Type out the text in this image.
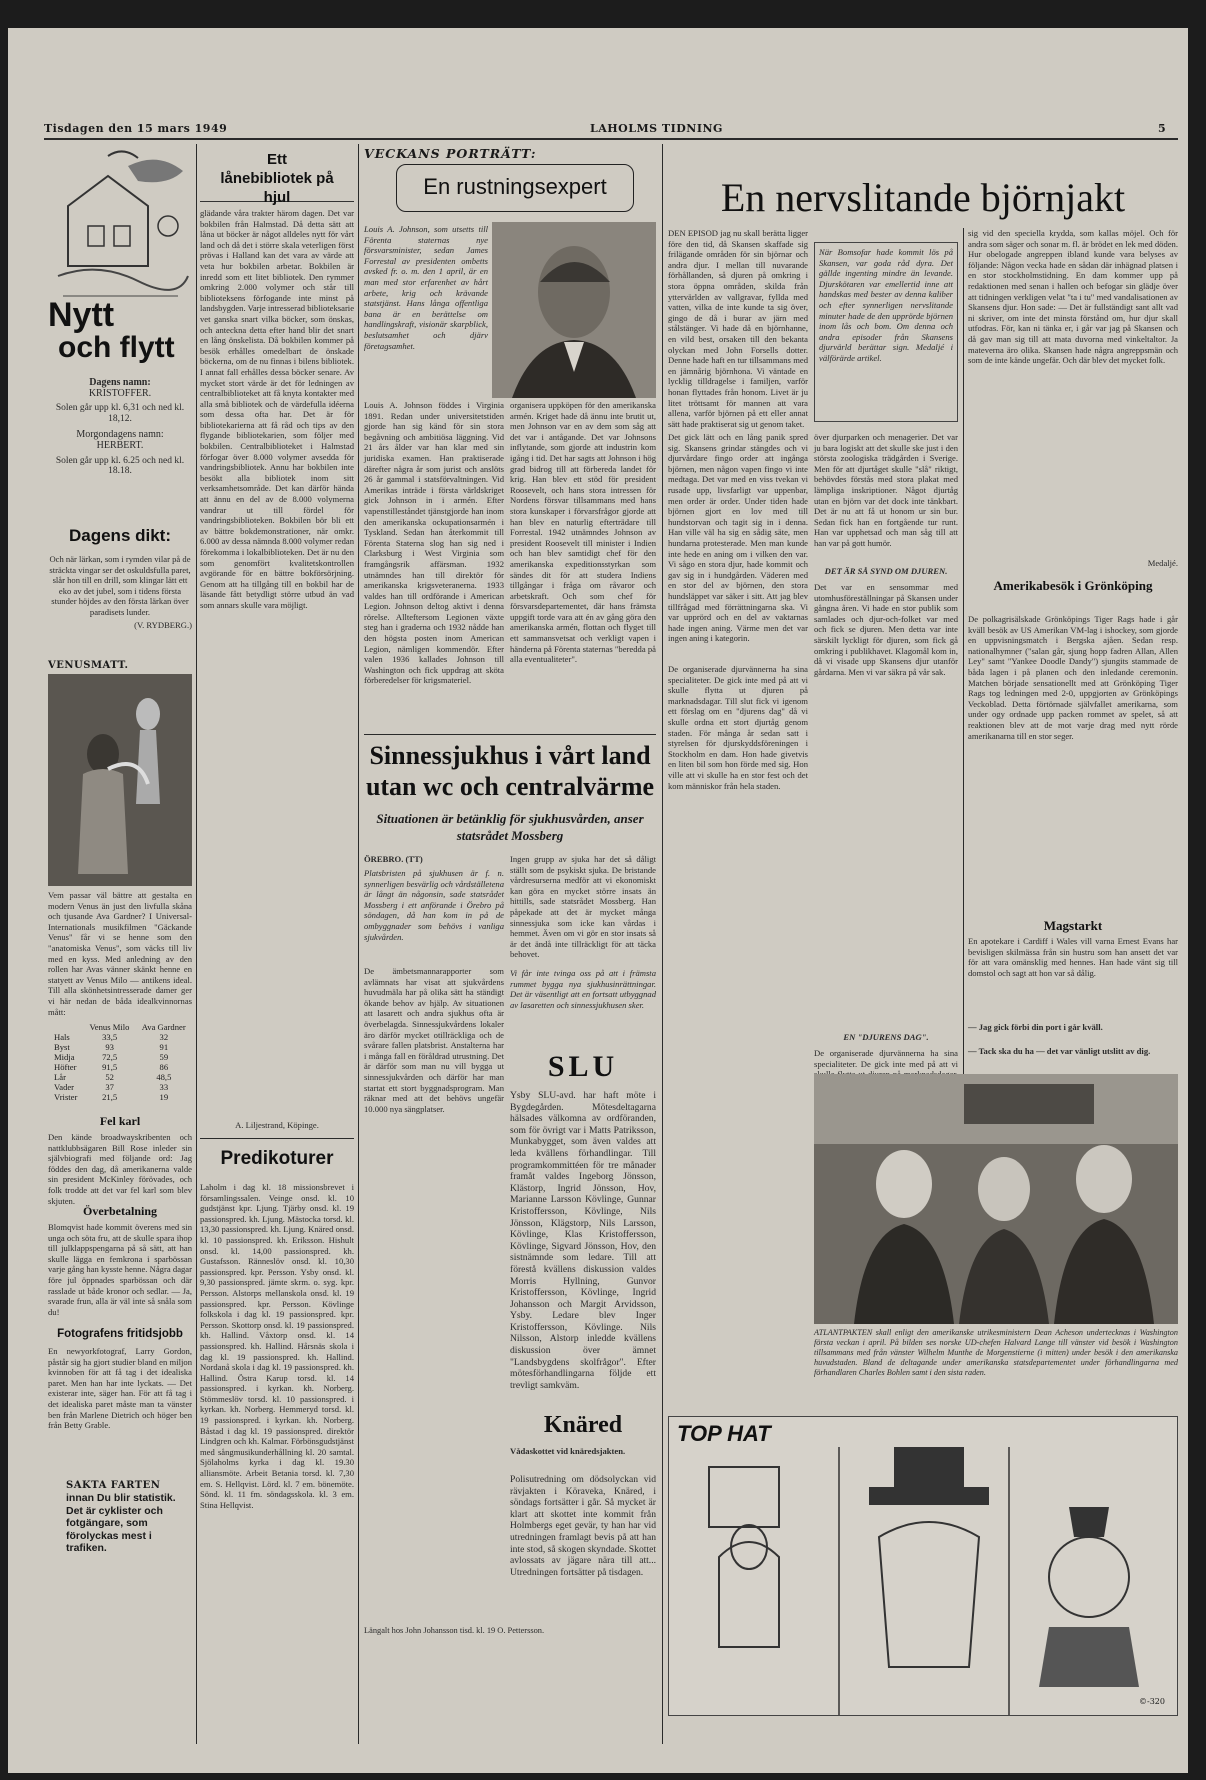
Tisdagen den 15 mars 1949	LAHOLMS TIDNING	5
Nytt
och flytt
Dagens namn:
KRISTOFFER.
Solen går upp kl. 6,31 och ned kl. 18,12.
Morgondagens namn:
HERBERT.
Solen går upp kl. 6.25 och ned kl. 18.18.
Dagens dikt:
Och när lärkan, som i rymden vilar på de sträckta vingar ser det oskuldsfulla paret, slår hon till en drill, som klingar lätt ett eko av det jubel, som i tidens första stunder höjdes av den första lärkan över paradisets lunder.
(V. RYDBERG.)
VENUSMATT.
Vem passar väl bättre att gestalta en modern Venus än just den livfulla skåna och tjusande Ava Gardner? I Universal-Internationals musikfilmen "Gäckande Venus" får vi se henne som den "anatomiska Venus", som väcks till liv med en kyss. Med anledning av den rollen har Avas vänner skänkt henne en statyett av Venus Milo — antikens ideal. Till alla skönhetsintresserade damer ger vi här nedan de båda idealkvinnornas mått:
	Venus Milo	Ava Gardner
Hals	33,5	32
Byst	93	91
Midja	72,5	59
Höfter	91,5	86
Lår	52	48,5
Vader	37	33
Vrister	21,5	19
Fel karl
Den kände broadwayskribenten och nattklubbsägaren Bill Rose inleder sin självbiografi med följande ord: Jag föddes den dag, då amerikanerna valde sin president McKinley förövades, och folk trodde att det var fel karl som blev skjuten.
Överbetalning
Blomqvist hade kommit överens med sin unga och söta fru, att de skulle spara ihop till julklappspengarna på så sätt, att han skulle lägga en femkrona i sparbössan varje gång han kysste henne. Några dagar före jul öppnades sparbössan och där rasslade ut både kronor och sedlar. — Ja, svarade frun, alla är väl inte så snåla som du!
Fotografens fritidsjobb
En newyorkfotograf, Larry Gordon, påstår sig ha gjort studier bland en miljon kvinnoben för att få tag i det idealiska paret. Men han har inte lyckats. — Det existerar inte, säger han. För att få tag i det idealiska paret måste man ta vänster ben från Marlene Dietrich och höger ben från Betty Grable.
SAKTA FARTEN
innan Du blir statistik. Det är cyklister och fotgängare, som förolyckas mest i trafiken.
Ett lånebibliotek på hjul
glädande våra trakter härom dagen. Det var bokbilen från Halmstad. Då detta sätt att låna ut böcker är något alldeles nytt för vårt land och då det i större skala veterligen först prövas i Halland kan det vara av värde att veta hur bokbilen arbetar. Bokbilen är inredd som ett litet bibliotek. Den rymmer omkring 2.000 volymer och står till biblioteksens förfogande inte minst på landsbygden. Varje intresserad biblioteksarie vet ganska snart vilka böcker, som önskas, och anteckna detta efter hand blir det snart en lång önskelista. Då bokbilen kommer på besök erhålles omedelbart de önskade böckerna, om de nu finnas i bilens bibliotek. I annat fall erhålles dessa böcker senare. Av mycket stort värde är det för ledningen av centralbiblioteket att få knyta kontakter med alla små bibliotek och de värdefulla idéerna som dessa ofta har. Det är för bibliotekarierna att få råd och tips av den flygande bibliotekarien, som följer med bokbilen. Centralbiblioteket i Halmstad förfogar över 8.000 volymer avsedda för vandringsbibliotek. Annu har bokbilen inte besökt alla bibliotek inom sitt verksamhetsområde. Det kan därför hända att ännu en del av de 8.000 volymerna vandrar ut till fördel för vandringsbiblioteken. Bokbilen bör bli ett av bättre bokdemonstrationer, när omkr. 6.000 av dessa nämnda 8.000 volymer redan förekomma i lokalbiblioteken. Det är nu den som genomfört kvalitetskontrollen avgörande för en bättre bokförsörjning. Genom att ha tillgång till en bokbil har de läsande fått betydligt större utbud än vad som annars skulle vara möjligt.
A. Liljestrand, Köpinge.
Predikoturer
Laholm i dag kl. 18 missionsbrevet i församlingssalen. Veinge onsd. kl. 10 gudstjänst kpr. Ljung. Tjärby onsd. kl. 19 passionspred. kh. Ljung. Mästocka torsd. kl. 13,30 passionspred. kh. Ljung. Knäred onsd. kl. 10 passionspred. kh. Eriksson. Hishult onsd. kl. 14,00 passionspred. kh. Gustafsson. Ränneslöv onsd. kl. 10,30 passionspred. kpr. Persson. Ysby onsd. kl. 9,30 passionspred. jämte skrm. o. syg. kpr. Persson. Alstorps mellanskola onsd. kl. 19 passionspred. kpr. Persson. Kövlinge folkskola i dag kl. 19 passionspred. kpr. Persson. Skottorp onsd. kl. 19 passionspred. kh. Hallind. Våxtorp onsd. kl. 14 passionspred. kh. Hallind. Hårsnäs skola i dag kl. 19 passionspred. kh. Hallind. Nordanå skola i dag kl. 19 passionspred. kh. Hallind. Östra Karup torsd. kl. 14 passionspred. i kyrkan. kh. Norberg. Stömmeslöv torsd. kl. 10 passionspred. i kyrkan. kh. Norberg. Hemmeryd torsd. kl. 19 passionspred. i kyrkan. kh. Norberg. Båstad i dag kl. 19 passionspred. direktör Lindgren och kh. Kalmar. Förbönsgudstjänst med sångmusikunderhållning kl. 20 samtal. Sjölaholms kyrka i dag kl. 19.30 alliansmöte. Arbeit Betania torsd. kl. 7,30 em. S. Hellqvist. Lörd. kl. 7 em. bönemöte. Sönd. kl. 11 fm. söndagsskola. kl. 3 em. Stina Hellqvist.
VECKANS PORTRÄTT:
En rustningsexpert
Louis A. Johnson, som utsetts till Förenta staternas nye försvarsminister, sedan James Forrestal av presidenten ombetts avsked fr. o. m. den 1 april, är en man med stor erfarenhet av hårt arbete, krig och krävande statstjänst. Hans långa offentliga bana är en berättelse om handlingskraft, visionär skarpblick, beslutsamhet och djärv företagsamhet.
Louis A. Johnson föddes i Virginia 1891. Redan under universitetstiden gjorde han sig känd för sin stora begåvning och ambitiösa läggning. Vid 21 års ålder var han klar med sin juridiska examen. Han praktiserade därefter några år som jurist och anslöts 26 år gammal i statsförvaltningen. Vid Amerikas inträde i första världskriget gick Johnson in i armén. Efter vapenstilleståndet tjänstgjorde han inom den amerikanska ockupationsarmén i Tyskland. Sedan han återkommit till Förenta Staterna slog han sig ned i Clarksburg i West Virginia som framgångsrik affärsman. 1932 utnämndes han till direktör för amerikanska krigsveteranerna. 1933 valdes han till ordförande i American Legion. Johnson deltog aktivt i denna rörelse. Allteftersom Legionen växte steg han i graderna och 1932 nådde han den högsta posten inom American Legion, nämligen kommendör. Efter valen 1936 kallades Johnson till Washington och fick uppdrag att sköta förberedelser för krigsmateriel.
organisera uppköpen för den amerikanska armén. Kriget hade då ännu inte brutit ut, men Johnson var en av dem som såg att det var i antågande. Det var Johnsons inflytande, som gjorde att industrin kom igång i tid. Det har sagts att Johnson i hög grad bidrog till att förbereda landet för krig. Han blev ett stöd för president Roosevelt, och hans stora intressen för Nordens försvar tillsammans med hans stora kunskaper i förvarsfrågor gjorde att han blev en naturlig efterträdare till Forrestal. 1942 utnämndes Johnson av president Roosevelt till minister i Indien och han blev samtidigt chef för den amerikanska expeditionsstyrkan som sändes dit för att studera Indiens tillgångar i fråga om råvaror och arbetskraft. Och som chef för försvarsdepartementet, där hans främsta uppgift torde vara att én av gång göra den amerikanska armén, flottan och flyget till ett sammansvetsat och verkligt vapen i händerna på Förenta staternas "beredda på alla eventualiteter".
Sinnessjukhus i vårt land utan wc och centralvärme
Situationen är betänklig för sjukhusvården, anser statsrådet Mossberg
ÖREBRO. (TT)
Platsbristen på sjukhusen är f. n. synnerligen besvärlig och vårdställetena är långt än någonsin, sade statsrådet Mossberg i ett anförande i Örebro på söndagen, då han kom in på de ombyggnader som behövs i vanliga sjukvården.
De ämbetsmannarapporter som avlämnats har visat att sjukvårdens huvudmäla har på olika sätt ha ständigt ökande behov av hjälp. Av situationen att lasarett och andra sjukhus ofta är överbelagda. Sinnessjukvårdens lokaler äro därför mycket otillräckliga och de svårare fallen platsbrist. Anstalterna har i många fall en föråldrad utrustning. Det är därför som man nu vill bygga ut sinnessjukvården och därför har man startat ett stort byggnadsprogram. Man räknar med att det behövs ungefär 10.000 nya sängplatser.
Ingen grupp av sjuka har det så dåligt ställt som de psykiskt sjuka. De bristande vårdresurserna medför att vi ekonomiskt kan göra en mycket större insats än hittills, sade statsrådet Mossberg. Han påpekade att det är mycket många sinnessjuka som icke kan vårdas i hemmet. Även om vi gör en stor insats så är det ändå inte tillräckligt för att täcka behovet.
Vi får inte tvinga oss på att i främsta rummet bygga nya sjukhusinrättningar. Det är väsentligt att en fortsatt utbyggnad av lasaretten och sinnessjukhusen sker.
SLU
Ysby SLU-avd. har haft möte i Bygdegården. Mötesdeltagarna hälsades välkomna av ordföranden, som för övrigt var i Matts Patriksson, Munkabygget, som även valdes att leda kvällens förhandlingar. Till programkommittéen för tre månader framåt valdes Ingeborg Jönsson, Klästorp, Ingrid Jönsson, Hov, Marianne Larsson Kövlinge, Gunnar Kristoffersson, Kövlinge, Nils Jönsson, Klägstorp, Nils Larsson, Kövlinge, Klas Kristoffersson, Kövlinge, Sigvard Jönsson, Hov, den sistnämnde som ledare. Till att förestå kvällens diskussion valdes Morris Hyllning, Gunvor Kristoffersson, Kövlinge, Ingrid Johansson och Margit Arvidsson, Ysby. Ledare blev Inger Kristoffersson, Kövlinge. Nils Nilsson, Alstorp inledde kvällens diskussion över ämnet "Landsbygdens skolfrågor". Efter mötesförhandlingarna följde ett trevligt samkväm.
Knäred
Vådaskottet vid knäredsjakten.
Polisutredning om dödsolyckan vid rävjakten i Köraveka, Knäred, i söndags fortsätter i går. Så mycket är klart att skottet inte kommit från Holmbergs eget gevär, ty han har vid utredningen framlagt bevis på att han inte stod, så skogen skyndade. Skottet avlossats av jägare nära till att... Utredningen fortsätter på tisdagen.
Längalt hos John Johansson tisd. kl. 19 O. Pettersson.
En nervslitande björnjakt
DEN EPISOD jag nu skall berätta ligger före den tid, då Skansen skaffade sig frilägande områden för sin björnar och andra djur. I mellan till nuvarande förhållanden, så djuren på omkring i stora öppna områden, skilda från yttervärlden av vallgravar, fyllda med vatten, vilka de inte kunde ta sig över, gingo de då i burar av järn med stålstänger. Vi hade då en björnhanne, en vild best, orsaken till den bekanta olyckan med John Forsells dotter. Denne hade haft en tur tillsammans med en jämnårig björnhona. Vi väntade en lycklig tilldragelse i familjen, varför honan flyttades från honom. Livet är ju litet tröttsamt för mannen att vara allena, varför björnen på ett eller annat sätt hade praktiserat sig ut genom taket.
När Bomsofar hade kommit lös på Skansen, var goda råd dyra. Det gällde ingenting mindre än levande. Djurskötaren var emellertid inne att handskas med bester av denna kaliber och efter synnerligen nervslitande minuter hade de den upprörde björnen inom lås och bom. Om denna och andra episoder från Skansens djurvärld berättar sign. Medaljé i välförärde artikel.
Det gick lätt och en lång panik spred sig. Skansens grindar stängdes och vi djurvårdare fingo order att ingånga björnen, men någon vapen fingo vi inte medtaga. Det var med en viss tvekan vi rusade upp, livsfarligt var uppenbar, men order är order. Under tiden hade björnen gjort en lov med till hundstorvan och tagit sig in i denna. Han ville väl ha sig en sådig säte, men hundarna protesterade. Men man kunde inte hede en aning om i vilken den var. Vi sågo en stora djur, hade kommit och gav sig in i hundgården. Väderen med en stor del av björnen, den stora hundsläppet var säker i sitt. Att jag blev tillfrågad med förrättningarna ska. Vi var upprörd och en del av vaktarnas hade ingen aning. Värme men det var ingen aning i kategorin.
över djurparken och menagerier. Det var ju bara logiskt att det skulle ske just i den största zoologiska trädgården i Sverige. Men för att djurtåget skulle "slå" riktigt, behövdes förstås med stora plakat med lämpliga inskriptioner. Något djurtåg utan en björn var det dock inte tänkbart. Det är nu att få ut honom ur sin bur. Sedan fick han en fortgående tur runt. Han var upphetsad och man såg till att han var på gott humör.
DET ÄR SÅ SYND OM DJUREN.
Det var en sensommar med utomhusföreställningar på Skansen under gångna åren. Vi hade en stor publik som samlades och djur-och-folket var med och fick se djuren. Men detta var inte särskilt lyckligt för djuren, som fick gå omkring i publikhavet. Klagomål kom in, då vi visade upp Skansens djur utanför gårdarna. Men vi var säkra på vår sak.
De organiserade djurvännerna ha sina specialiteter. De gick inte med på att vi skulle flytta ut djuren på marknadsdagar. Till slut fick vi igenom ett förslag om en "djurens dag" då vi skulle ordna ett stort djurtåg genom staden. För många år sedan satt i styrelsen för djurskyddsföreningen i Stockholm en dam. Hon hade givetvis en liten bil som hon förde med sig. Hon ville att vi skulle ha en stor fest och det kom människor från hela staden.
EN "DJURENS DAG".
De organiserade djurvännerna ha sina specialiteter. De gick inte med på att vi
sig vid den speciella krydda, som kallas möjel. Och för andra som säger och sonar m. fl. är brödet en lek med döden. Hur obelogade angreppen ibland kunde vara belyses av följande: Någon vecka hade en sådan där inhägnad platsen i en stor stockholmstidning. En dam kommer upp på redaktionen med senan i hallen och befogar sin glädje över att tidningen verkligen velat "ta i tu" med vandalisationen av Skansens djur. Hon sade: — Det är fullständigt sant allt vad ni skriver, om inte det minsta förstånd om, hur djur skall utfodras. För, kan ni tänka er, i går var jag på Skansen och då gav man sig till att mata duvorna med vinkeltaltor. Ja mateverna äro olika. Skansen hade några angreppsmän och som de inte kände ungefär. Och där blev det mycket folk.
Medaljé.
Amerikabesök i Grönköping
De polkagrisälskade Grönköpings Tiger Rags hade i går kväll besök av US Amerikan VM-lag i ishockey, som gjorde en uppvisningsmatch i Bergska ajåen. Sedan resp. nationalhymner ("salan går, sjung hopp fadren Allan, Allen Ley" samt "Yankee Doodle Dandy") sjungits stammade de båda lagen i på planen och den inledande ceremonin. Matchen började sensationellt med att Grönköping Tiger Rags tog ledningen med 2-0, uppgjorten av Grönköpings Veckoblad. Detta förtörnade självfallet amerikarna, som under ogy ordnade upp packen rommet av spelet, så att reaktionen blev att de mot varje drag med nytt rörde amerikanarna till en stor seger.
Magstarkt
En apotekare i Cardiff i Wales vill varna Ernest Evans har bevisligen skilmässa från sin hustru som han ansett det var för att vara omänsklig med hennes. Han hade vänt sig till domstol och sagt att hon var så dålig.
— Jag gick förbi din port i går kväll.
— Tack ska du ha — det var vänligt utslitt av dig.
ATLANTPAKTEN skall enligt den amerikanske utrikesministern Dean Acheson undertecknas i Washington första veckan i april. På bilden ses norske UD-chefen Halvard Lange till vänster vid besök i Washington tillsammans med från vänster Wilhelm Munthe de Morgenstierne (i mitten) under besök i den amerikanska huvudstaden. Bland de deltagande under amerikanska statsdepartementet under förhandlingarna med förhandlaren Charles Bohlen samt i den sista raden.
TOP HAT
©-320
